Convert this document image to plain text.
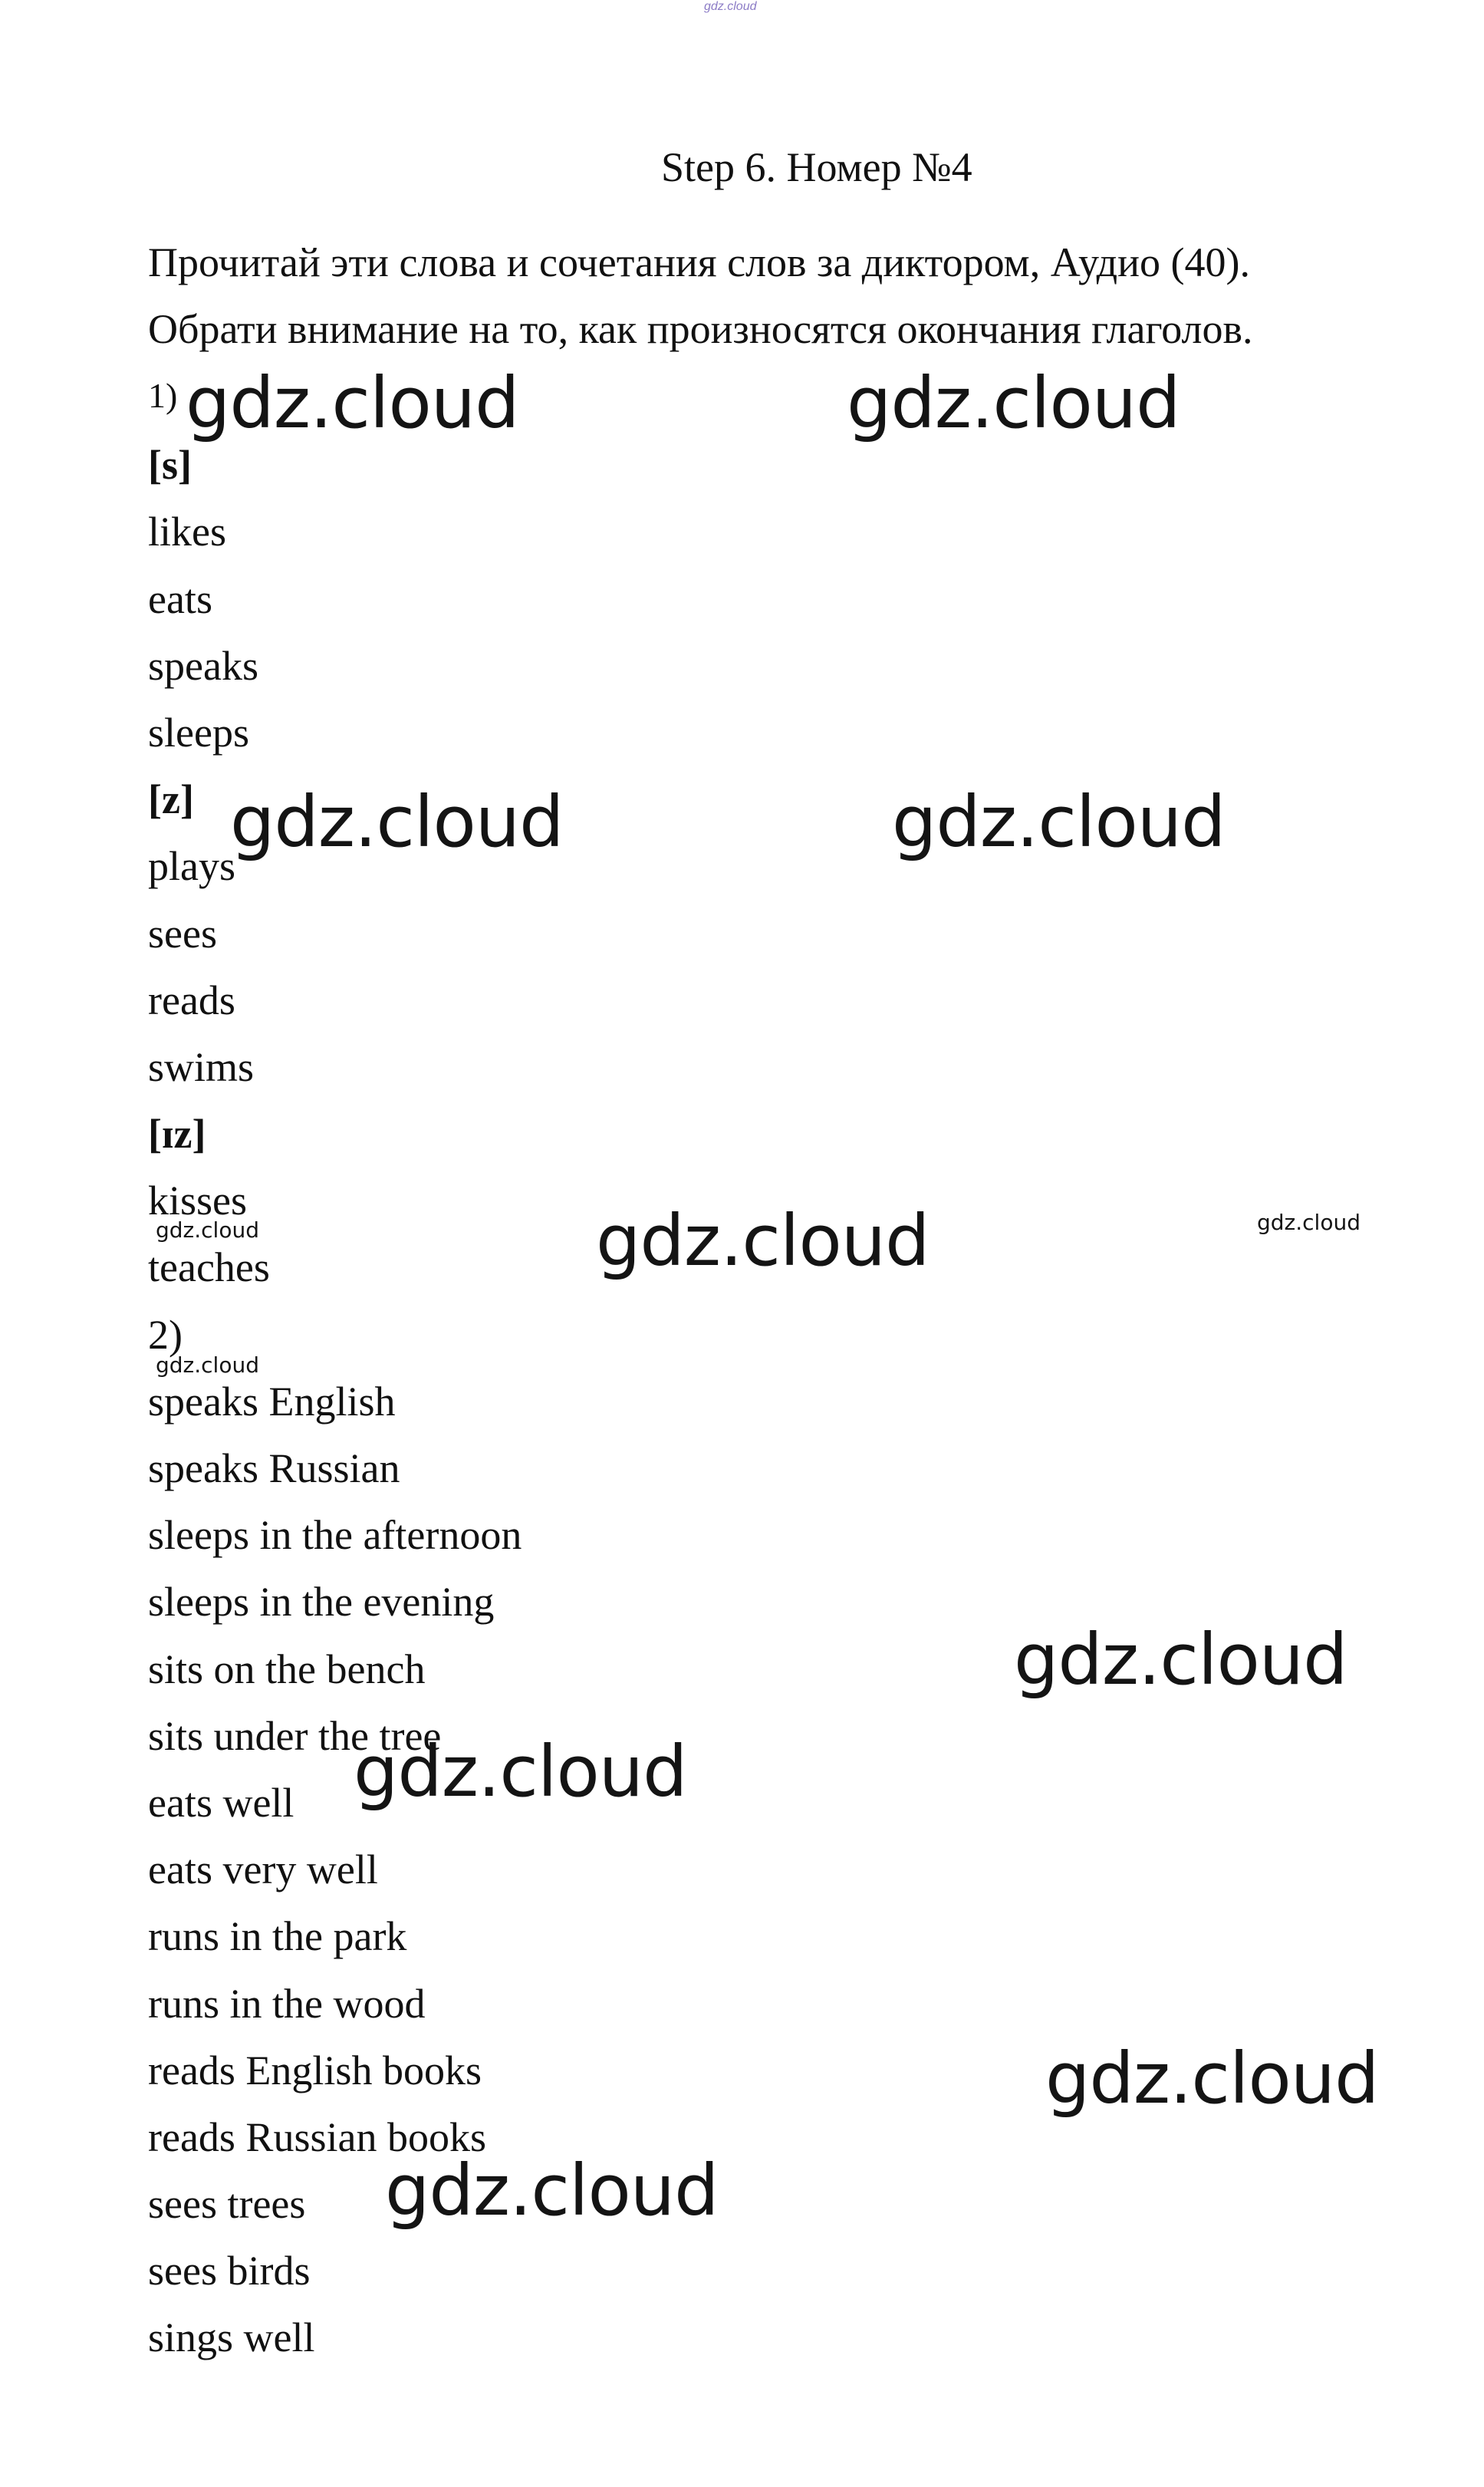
gdz.cloud
Step 6. Номер №4
Прочитай эти слова и сочетания слов за диктором, Аудио (40).
Обрати внимание на то, как произносятся окончания глаголов.
1)
[s]
likes
eats
speaks
sleeps
[z]
plays
sees
reads
swims
[ɪz]
kisses
teaches
2)
speaks English
speaks Russian
sleeps in the afternoon
sleeps in the evening
sits on the bench
sits under the tree
eats well
eats very well
runs in the park
runs in the wood
reads English books
reads Russian books
sees trees
sees birds
sings well
gdz.cloud	gdz.cloud
gdz.cloud	gdz.cloud
gdz.cloud
gdz.cloud
gdz.cloud
gdz.cloud
gdz.cloud
gdz.cloud	gdz.cloud
gdz.cloud
